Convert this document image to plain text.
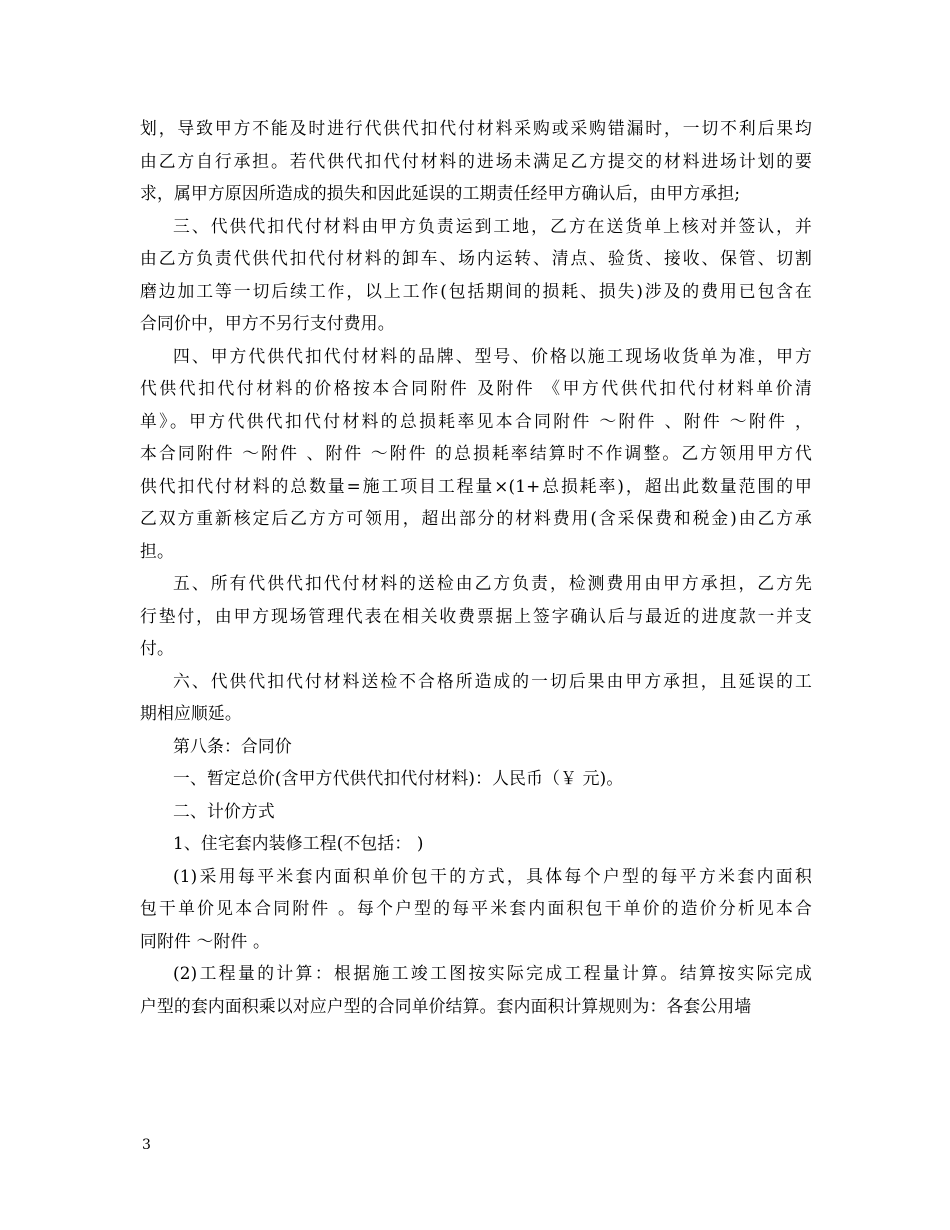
划，导致甲方不能及时进行代供代扣代付材料采购或采购错漏时，一切不利后果均
由乙方自行承担。若代供代扣代付材料的进场未满足乙方提交的材料进场计划的要
求，属甲方原因所造成的损失和因此延误的工期责任经甲方确认后，由甲方承担;
三、代供代扣代付材料由甲方负责运到工地，乙方在送货单上核对并签认，并
由乙方负责代供代扣代付材料的卸车、场内运转、清点、验货、接收、保管、切割
磨边加工等一切后续工作，以上工作(包括期间的损耗、损失)涉及的费用已包含在
合同价中，甲方不另行支付费用。
四、甲方代供代扣代付材料的品牌、型号、价格以施工现场收货单为准，甲方
代供代扣代付材料的价格按本合同附件 及附件 《甲方代供代扣代付材料单价清
单》。甲方代供代扣代付材料的总损耗率见本合同附件 ～附件 、附件 ～附件 ，
本合同附件 ～附件 、附件 ～附件 的总损耗率结算时不作调整。乙方领用甲方代
供代扣代付材料的总数量=施工项目工程量×(1+总损耗率)，超出此数量范围的甲
乙双方重新核定后乙方方可领用，超出部分的材料费用(含采保费和税金)由乙方承
担。
五、所有代供代扣代付材料的送检由乙方负责，检测费用由甲方承担，乙方先
行垫付，由甲方现场管理代表在相关收费票据上签字确认后与最近的进度款一并支
付。
六、代供代扣代付材料送检不合格所造成的一切后果由甲方承担，且延误的工
期相应顺延。
第八条：合同价
一、暂定总价(含甲方代供代扣代付材料)：人民币（￥ 元)。
二、计价方式
1、住宅套内装修工程(不包括： )
(1)采用每平米套内面积单价包干的方式，具体每个户型的每平方米套内面积
包干单价见本合同附件 。每个户型的每平米套内面积包干单价的造价分析见本合
同附件 ～附件 。
(2)工程量的计算：根据施工竣工图按实际完成工程量计算。结算按实际完成
户型的套内面积乘以对应户型的合同单价结算。套内面积计算规则为：各套公用墙
3
